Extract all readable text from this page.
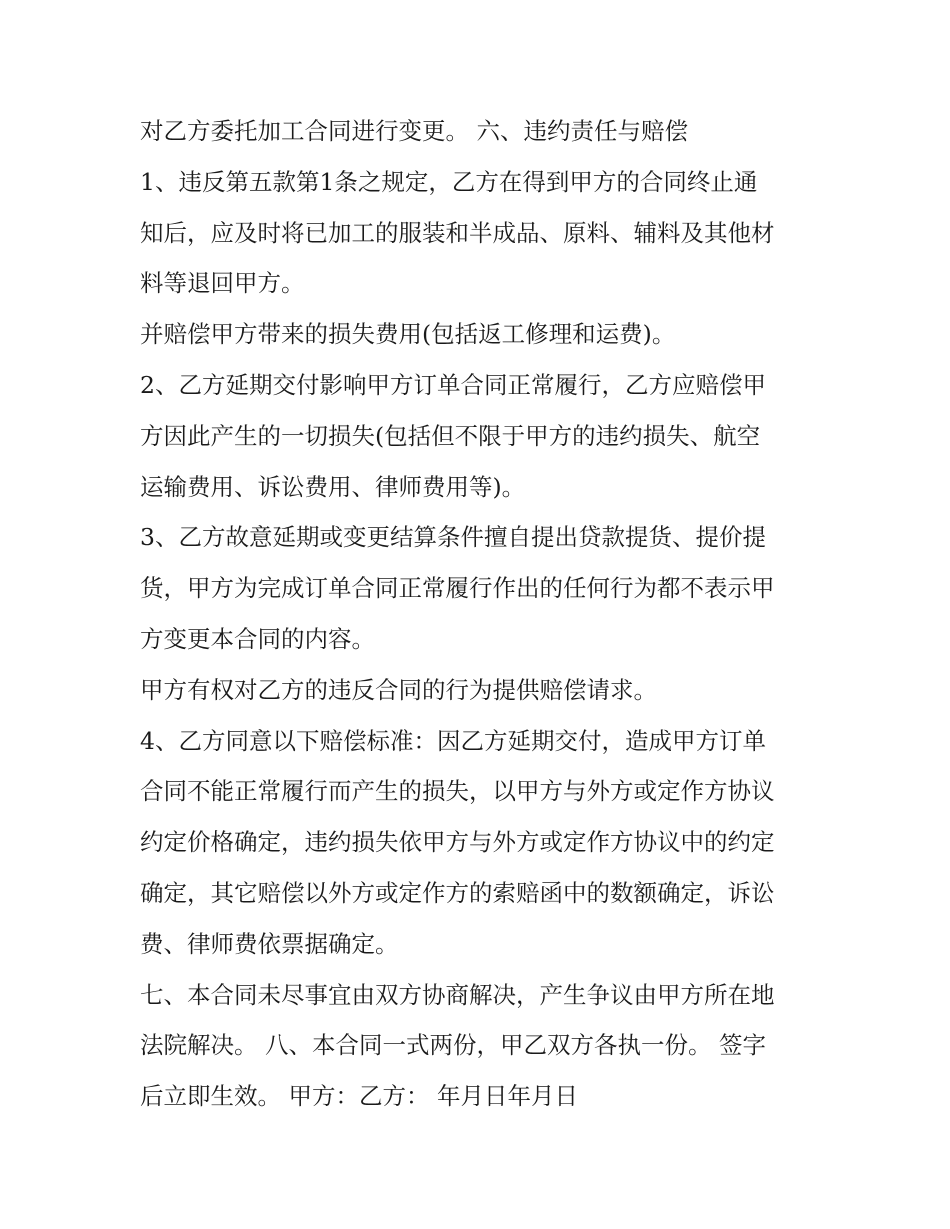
对乙方委托加工合同进行变更。 六、违约责任与赔偿
1、违反第五款第1条之规定，乙方在得到甲方的合同终止通
知后，应及时将已加工的服装和半成品、原料、辅料及其他材
料等退回甲方。
并赔偿甲方带来的损失费用(包括返工修理和运费)。
2、乙方延期交付影响甲方订单合同正常履行，乙方应赔偿甲
方因此产生的一切损失(包括但不限于甲方的违约损失、航空
运输费用、诉讼费用、律师费用等)。
3、乙方故意延期或变更结算条件擅自提出贷款提货、提价提
货，甲方为完成订单合同正常履行作出的任何行为都不表示甲
方变更本合同的内容。
甲方有权对乙方的违反合同的行为提供赔偿请求。
4、乙方同意以下赔偿标准：因乙方延期交付，造成甲方订单
合同不能正常履行而产生的损失，以甲方与外方或定作方协议
约定价格确定，违约损失依甲方与外方或定作方协议中的约定
确定，其它赔偿以外方或定作方的索赔函中的数额确定，诉讼
费、律师费依票据确定。
七、本合同未尽事宜由双方协商解决，产生争议由甲方所在地
法院解决。 八、本合同一式两份，甲乙双方各执一份。 签字
后立即生效。 甲方：乙方： 年月日年月日
